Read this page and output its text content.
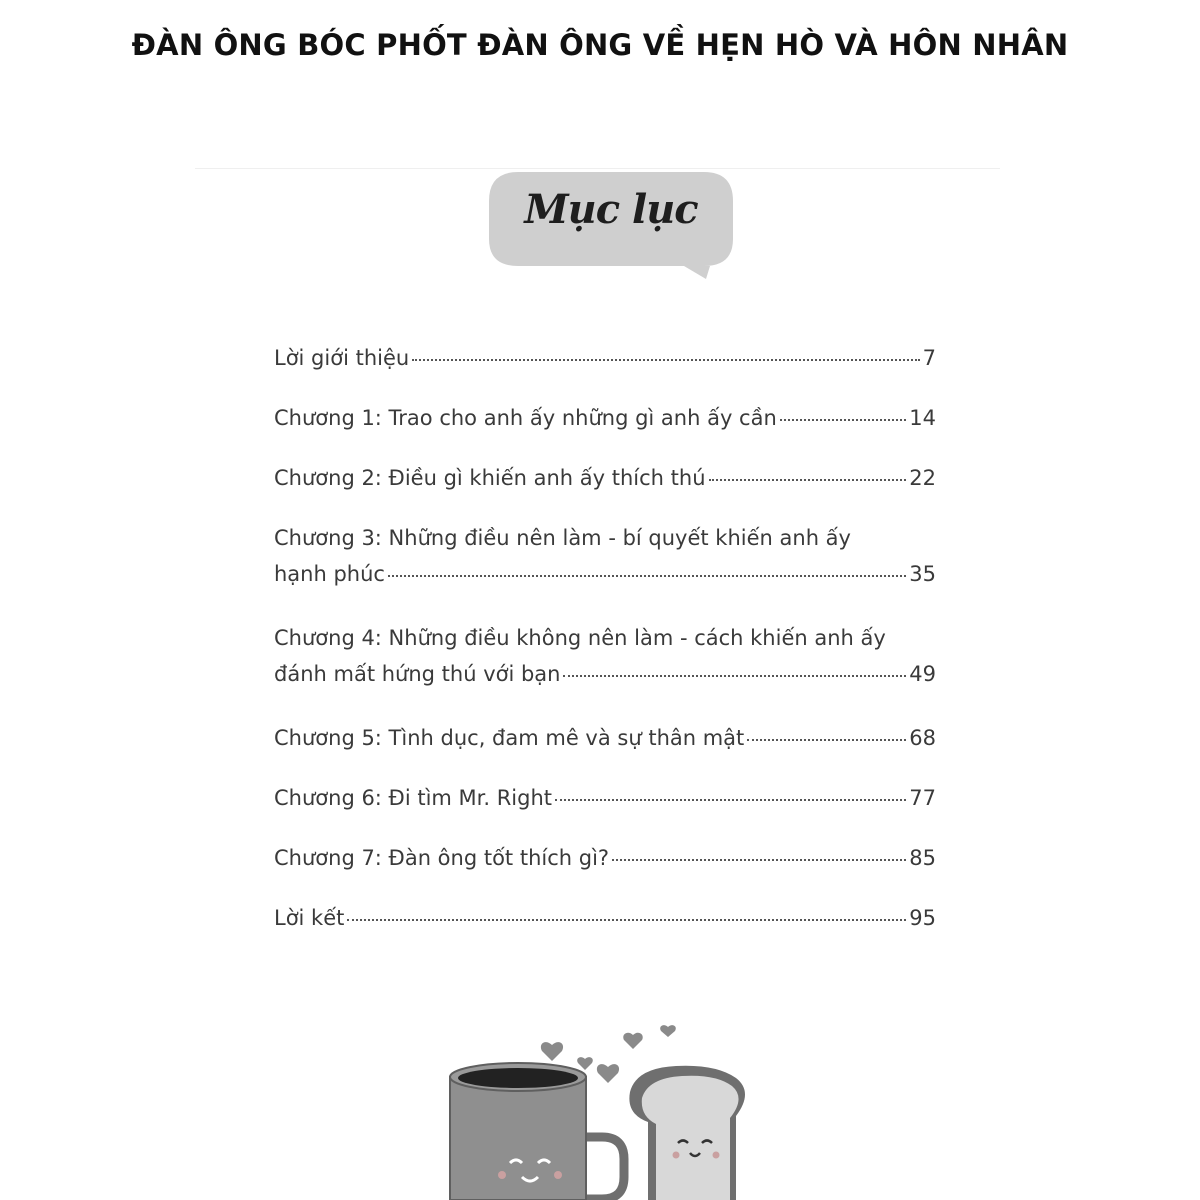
ĐÀN ÔNG BÓC PHỐT ĐÀN ÔNG VỀ HẸN HÒ VÀ HÔN NHÂN
Mục lục
Lời giới thiệu	7
Chương 1: Trao cho anh ấy những gì anh ấy cần	14
Chương 2: Điều gì khiến anh ấy thích thú	22
Chương 3: Những điều nên làm - bí quyết khiến anh ấy
hạnh phúc	35
Chương 4: Những điều không nên làm - cách khiến anh ấy
đánh mất hứng thú với bạn	49
Chương 5: Tình dục, đam mê và sự thân mật	68
Chương 6: Đi tìm Mr. Right	77
Chương 7: Đàn ông tốt thích gì?	85
Lời kết	95
